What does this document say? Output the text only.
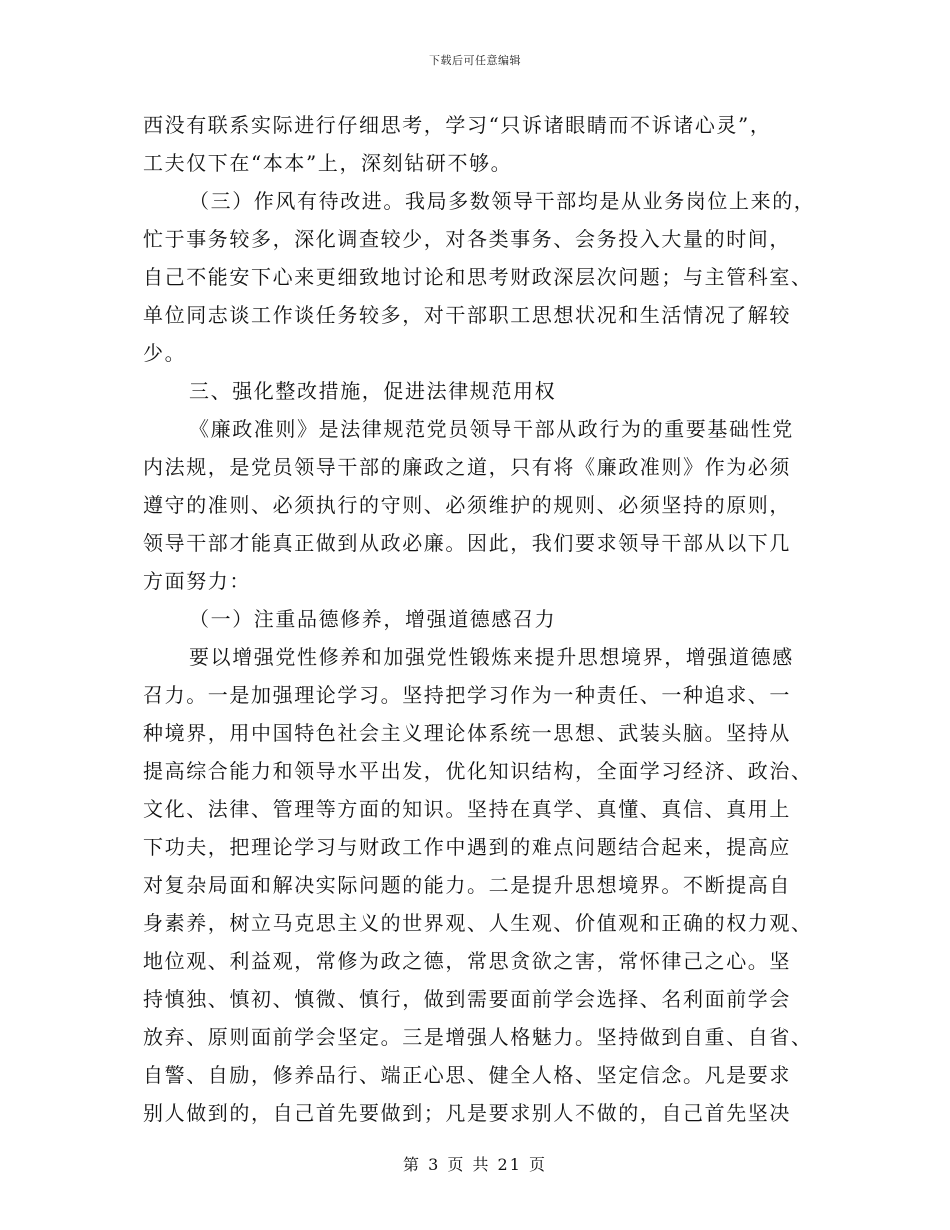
下载后可任意编辑
西没有联系实际进行仔细思考，学习“只诉诸眼睛而不诉诸心灵”，
工夫仅下在“本本”上，深刻钻研不够。
（三）作风有待改进。我局多数领导干部均是从业务岗位上来的，
忙于事务较多，深化调查较少，对各类事务、会务投入大量的时间，
自己不能安下心来更细致地讨论和思考财政深层次问题；与主管科室、
单位同志谈工作谈任务较多，对干部职工思想状况和生活情况了解较
少。
三、强化整改措施，促进法律规范用权
《廉政准则》是法律规范党员领导干部从政行为的重要基础性党
内法规，是党员领导干部的廉政之道，只有将《廉政准则》作为必须
遵守的准则、必须执行的守则、必须维护的规则、必须坚持的原则，
领导干部才能真正做到从政必廉。因此，我们要求领导干部从以下几
方面努力：
（一）注重品德修养，增强道德感召力
要以增强党性修养和加强党性锻炼来提升思想境界，增强道德感
召力。一是加强理论学习。坚持把学习作为一种责任、一种追求、一
种境界，用中国特色社会主义理论体系统一思想、武装头脑。坚持从
提高综合能力和领导水平出发，优化知识结构，全面学习经济、政治、
文化、法律、管理等方面的知识。坚持在真学、真懂、真信、真用上
下功夫，把理论学习与财政工作中遇到的难点问题结合起来，提高应
对复杂局面和解决实际问题的能力。二是提升思想境界。不断提高自
身素养，树立马克思主义的世界观、人生观、价值观和正确的权力观、
地位观、利益观，常修为政之德，常思贪欲之害，常怀律己之心。坚
持慎独、慎初、慎微、慎行，做到需要面前学会选择、名利面前学会
放弃、原则面前学会坚定。三是增强人格魅力。坚持做到自重、自省、
自警、自励，修养品行、端正心思、健全人格、坚定信念。凡是要求
别人做到的，自己首先要做到；凡是要求别人不做的，自己首先坚决
第 3 页 共 21 页
